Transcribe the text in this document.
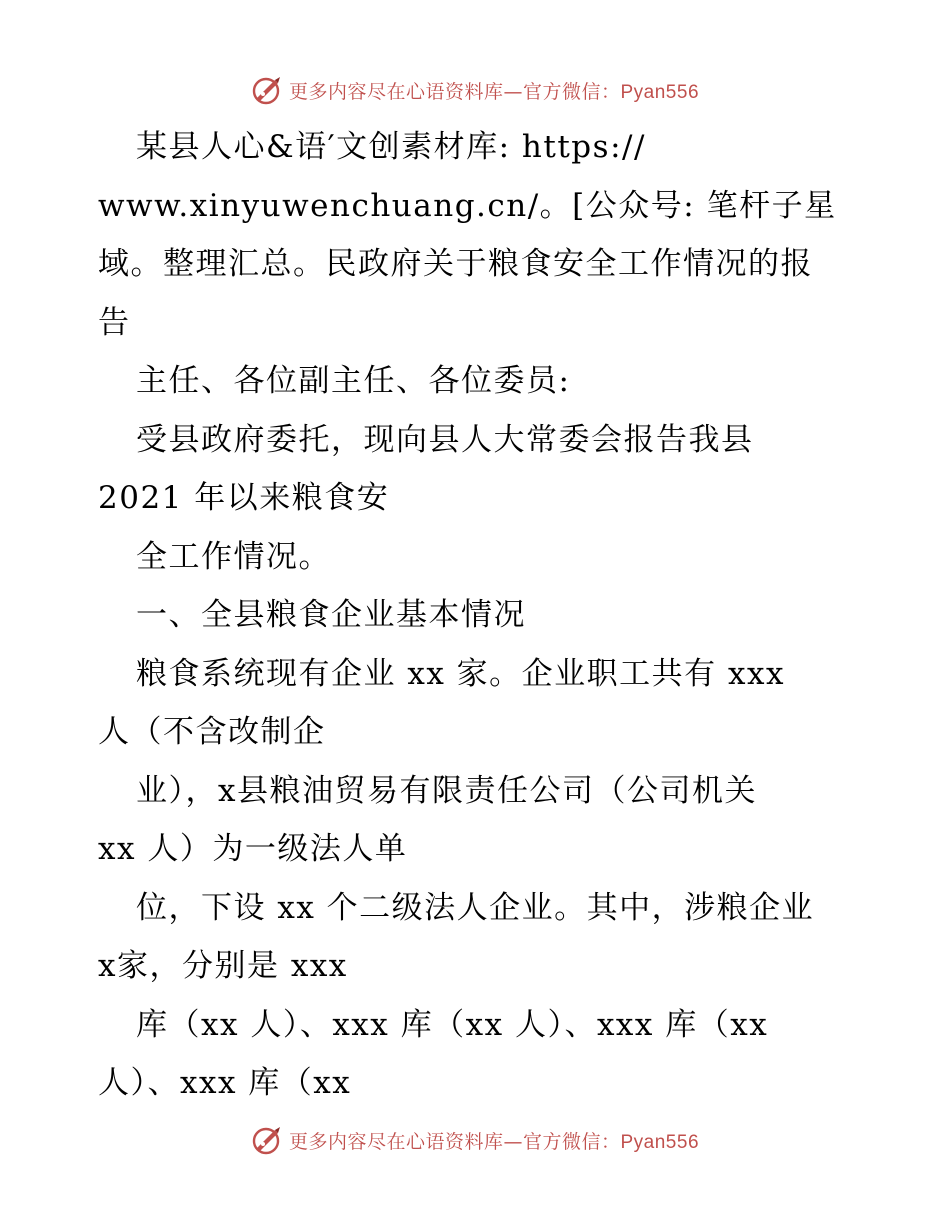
更多内容尽在心语资料库—官方微信：Pyan556
某县人心&语′文创素材库: https://
www.xinyuwenchuang.cn/。[公众号: 笔杆子星
域。整理汇总。民政府关于粮食安全工作情况的报
告
主任、各位副主任、各位委员:
受县政府委托，现向县人大常委会报告我县
2021 年以来粮食安
全工作情况。
一、全县粮食企业基本情况
粮食系统现有企业 xx 家。企业职工共有 xxx
人（不含改制企
业），x县粮油贸易有限责任公司（公司机关
xx 人）为一级法人单
位，下设 xx 个二级法人企业。其中，涉粮企业
x家，分别是 xxx
库（xx 人）、xxx 库（xx 人）、xxx 库（xx
人）、xxx 库（xx
更多内容尽在心语资料库—官方微信：Pyan556
